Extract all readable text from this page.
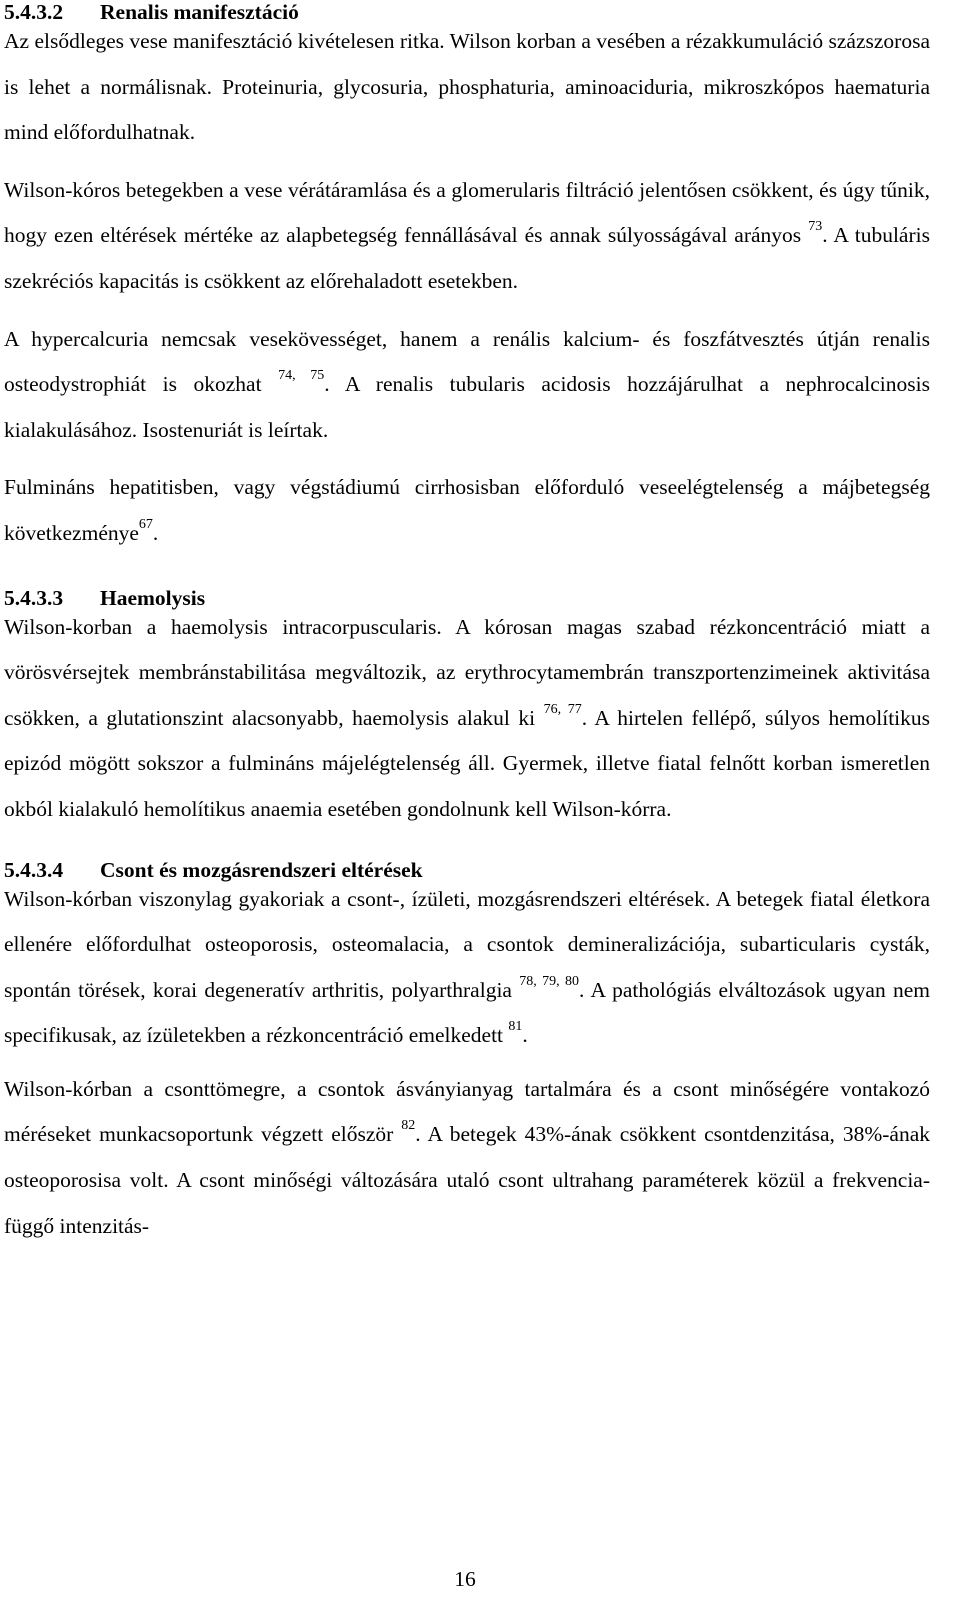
5.4.3.2 Renalis manifesztáció

Az elsődleges vese manifesztáció kivételesen ritka. Wilson korban a vesében a rézakkumuláció százszorosa is lehet a normálisnak. Proteinuria, glycosuria, phosphaturia, aminoaciduria, mikroszkópos haematuria mind előfordulhatnak.

Wilson-kóros betegekben a vese vérátáramlása és a glomerularis filtráció jelentősen csökkent, és úgy tűnik, hogy ezen eltérések mértéke az alapbetegség fennállásával és annak súlyosságával arányos $^{73}$. A tubuláris szekréciós kapacitás is csökkent az előrehaladott esetekben.

A hypercalcuria nemcsak vesekövességet, hanem a renális kalcium- és foszfátvesztés útján renalis osteodystrophiát is okozhat $^{74, 75}$. A renalis tubularis acidosis hozzájárulhat a nephrocalcinosis kialakulásához. Isostenuriát is leírtak.

Fulmináns hepatitisben, vagy végstádiumú cirrhosisban előforduló veseelégtelenség a májbetegség következménye$^{67}$.

5.4.3.3 Haemolysis

Wilson-korban a haemolysis intracorpuscularis. A kórosan magas szabad rézkoncentráció miatt a vörösvérsejtek membránstabilitása megváltozik, az erythrocytamembrán transzportenzimeinek aktivitása csökken, a glutationszint alacsonyabb, haemolysis alakul ki $^{76, 77}$. A hirtelen fellépő, súlyos hemolítikus epizód mögött sokszor a fulmináns májelégtelenség áll. Gyermek, illetve fiatal felnőtt korban ismeretlen okból kialakuló hemolítikus anaemia esetében gondolnunk kell Wilson-kórra.

5.4.3.4 Csont és mozgásrendszeri eltérések

Wilson-kórban viszonylag gyakoriak a csont-, ízületi, mozgásrendszeri eltérések. A betegek fiatal életkora ellenére előfordulhat osteoporosis, osteomalacia, a csontok demineralizációja, subarticularis cysták, spontán törések, korai degeneratív arthritis, polyarthralgia $^{78, 79, 80}$. A pathológiás elváltozások ugyan nem specifikusak, az ízületekben a rézkoncentráció emelkedett $^{81}$.

Wilson-kórban a csonttömegre, a csontok ásványianyag tartalmára és a csont minőségére vontakozó méréseket munkacsoportunk végzett először $^{82}$. A betegek 43%-ának csökkent csontdenzitása, 38%-ának osteoporosisa volt. A csont minőségi változására utaló csont ultrahang paraméterek közül a frekvencia-függő intenzitás-

16
